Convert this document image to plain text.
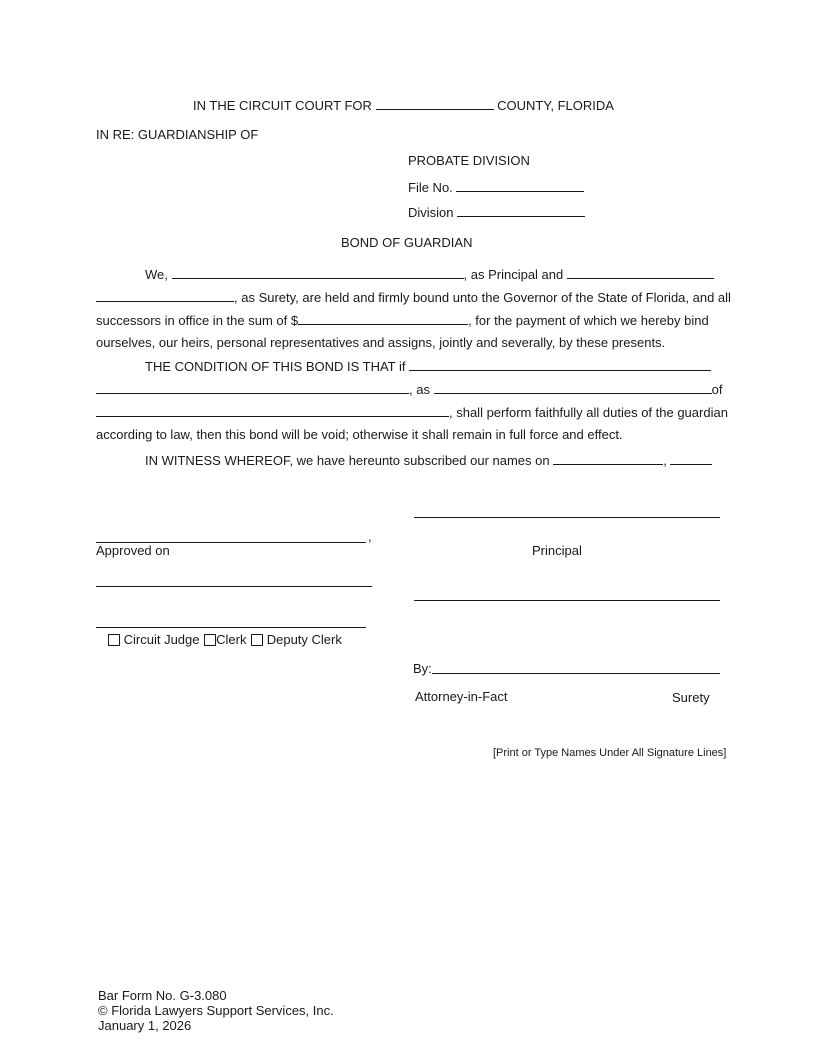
IN THE CIRCUIT COURT FOR	COUNTY, FLORIDA
IN RE: GUARDIANSHIP OF
PROBATE DIVISION
File No.
Division
BOND OF GUARDIAN
We,	, as Principal and
, as Surety, are held and firmly bound unto the Governor of the State of Florida, and all
successors in office in the sum of $	, for the payment of which we hereby bind
ourselves, our heirs, personal representatives and assigns, jointly and severally, by these presents.
THE CONDITION OF THIS BOND IS THAT if
, as	of
, shall perform faithfully all duties of the guardian
according to law, then this bond will be void; otherwise it shall remain in full force and effect.
IN WITNESS WHEREOF, we have hereunto subscribed our names on	,
,
Approved on	Principal
Circuit Judge Clerk Deputy Clerk
By:
Attorney-in-Fact	Surety
[Print or Type Names Under All Signature Lines]
Bar Form No. G-3.080
© Florida Lawyers Support Services, Inc.
January 1, 2026
